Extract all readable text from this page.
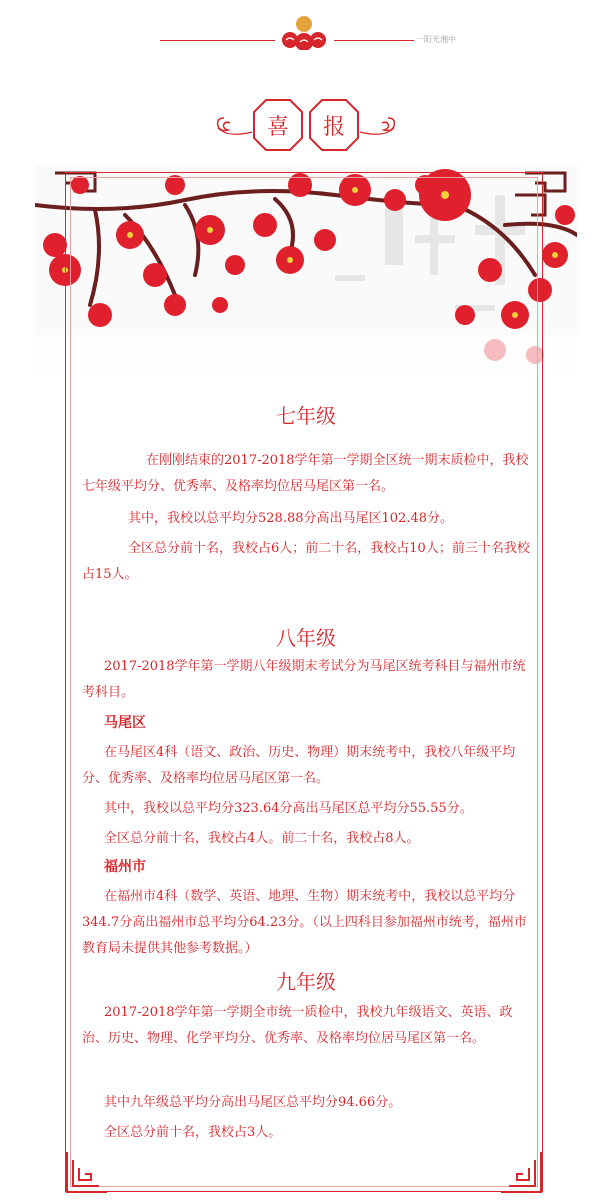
一阳光湘中
喜 报
七年级
在刚刚结束的2017-2018学年第一学期全区统一期末质检中，我校七年级平均分、优秀率、及格率均位居马尾区第一名。
其中，我校以总平均分528.88分高出马尾区102.48分。
全区总分前十名，我校占6人；前二十名，我校占10人；前三十名我校占15人。
八年级
2017-2018学年第一学期八年级期末考试分为马尾区统考科目与福州市统考科目。
马尾区
在马尾区4科（语文、政治、历史、物理）期末统考中，我校八年级平均分、优秀率、及格率均位居马尾区第一名。
其中，我校以总平均分323.64分高出马尾区总平均分55.55分。
全区总分前十名，我校占4人。前二十名，我校占8人。
福州市
在福州市4科（数学、英语、地理、生物）期末统考中，我校以总平均分344.7分高出福州市总平均分64.23分。（以上四科目参加福州市统考，福州市教育局未提供其他参考数据。）
九年级
2017-2018学年第一学期全市统一质检中，我校九年级语文、英语、政治、历史、物理、化学平均分、优秀率、及格率均位居马尾区第一名。
其中九年级总平均分高出马尾区总平均分94.66分。
全区总分前十名，我校占3人。
